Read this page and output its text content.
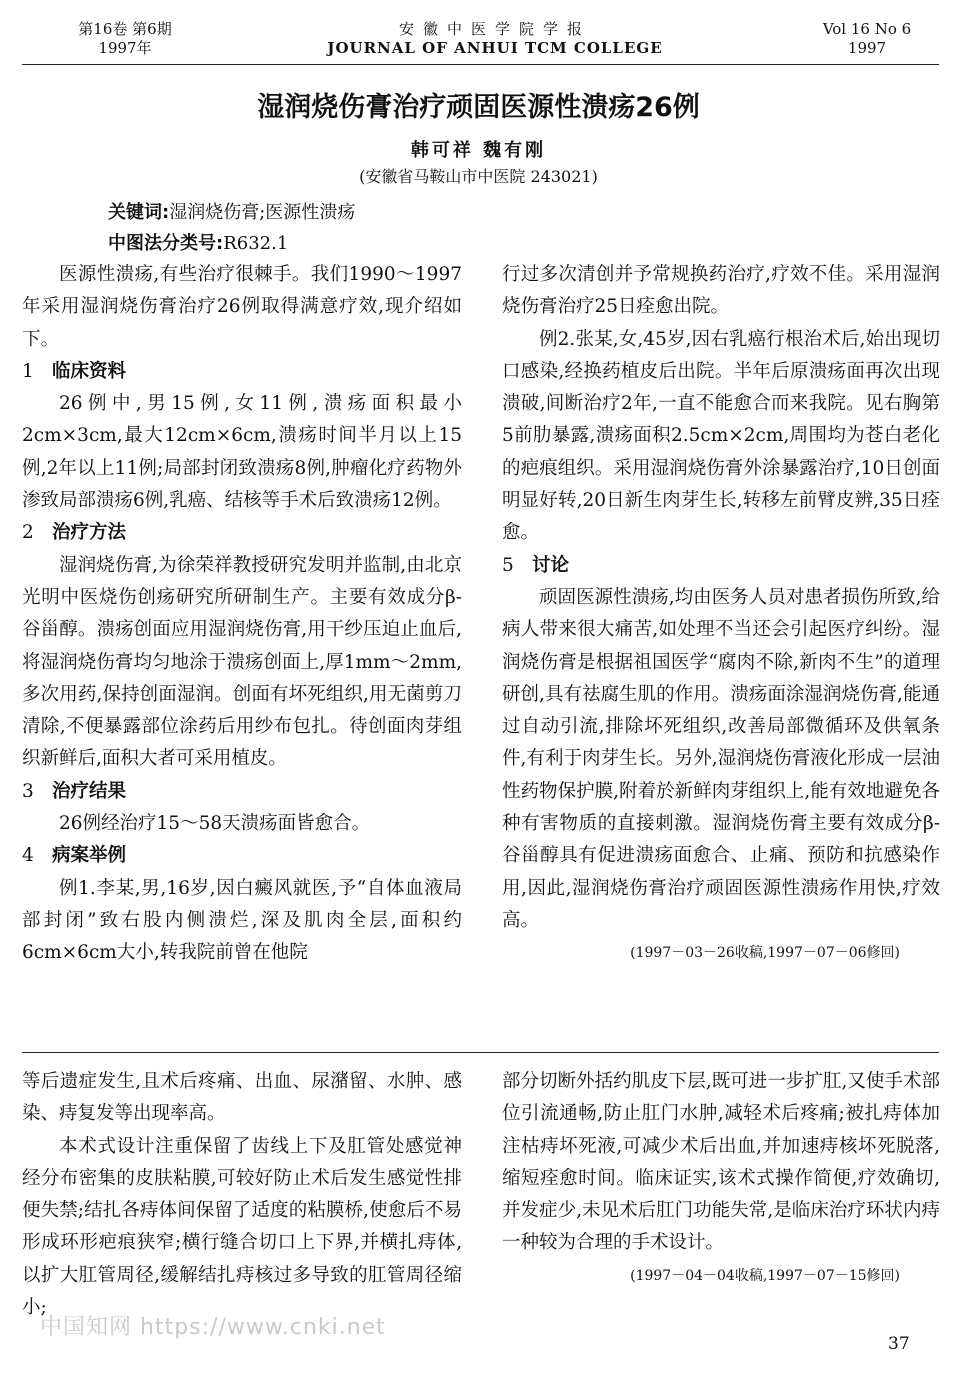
第16卷 第6期
1997年
安徽中医学院学报
JOURNAL OF ANHUI TCM COLLEGE
Vol 16 No 6
1997
湿润烧伤膏治疗顽固医源性溃疡26例
韩可祥 魏有刚
(安徽省马鞍山市中医院 243021)
关键词:湿润烧伤膏;医源性溃疡
中图法分类号:R632.1

医源性溃疡,有些治疗很棘手。我们1990～1997年采用湿润烧伤膏治疗26例取得满意疗效,现介绍如下。

1 临床资料

26例中,男15例,女11例,溃疡面积最小2cm×3cm,最大12cm×6cm,溃疡时间半月以上15例,2年以上11例;局部封闭致溃疡8例,肿瘤化疗药物外渗致局部溃疡6例,乳癌、结核等手术后致溃疡12例。

2 治疗方法

湿润烧伤膏,为徐荣祥教授研究发明并监制,由北京光明中医烧伤创疡研究所研制生产。主要有效成分β-谷甾醇。溃疡创面应用湿润烧伤膏,用干纱压迫止血后,将湿润烧伤膏均匀地涂于溃疡创面上,厚1mm～2mm,多次用药,保持创面湿润。创面有坏死组织,用无菌剪刀清除,不便暴露部位涂药后用纱布包扎。待创面肉芽组织新鲜后,面积大者可采用植皮。

3 治疗结果

26例经治疗15～58天溃疡面皆愈合。

4 病案举例

例1.李某,男,16岁,因白癜风就医,予“自体血液局部封闭”致右股内侧溃烂,深及肌肉全层,面积约6cm×6cm大小,转我院前曾在他院

行过多次清创并予常规换药治疗,疗效不佳。采用湿润烧伤膏治疗25日痊愈出院。

例2.张某,女,45岁,因右乳癌行根治术后,始出现切口感染,经换药植皮后出院。半年后原溃疡面再次出现溃破,间断治疗2年,一直不能愈合而来我院。见右胸第5前肋暴露,溃疡面积2.5cm×2cm,周围均为苍白老化的疤痕组织。采用湿润烧伤膏外涂暴露治疗,10日创面明显好转,20日新生肉芽生长,转移左前臂皮辨,35日痊愈。

5 讨论

顽固医源性溃疡,均由医务人员对患者损伤所致,给病人带来很大痛苦,如处理不当还会引起医疗纠纷。湿润烧伤膏是根据祖国医学“腐肉不除,新肉不生”的道理研创,具有祛腐生肌的作用。溃疡面涂湿润烧伤膏,能通过自动引流,排除坏死组织,改善局部微循环及供氧条件,有利于肉芽生长。另外,湿润烧伤膏液化形成一层油性药物保护膜,附着於新鲜肉芽组织上,能有效地避免各种有害物质的直接刺激。湿润烧伤膏主要有效成分β-谷甾醇具有促进溃疡面愈合、止痛、预防和抗感染作用,因此,湿润烧伤膏治疗顽固医源性溃疡作用快,疗效高。

(1997－03－26收稿,1997－07－06修回)

等后遗症发生,且术后疼痛、出血、尿潴留、水肿、感染、痔复发等出现率高。

本术式设计注重保留了齿线上下及肛管处感觉神经分布密集的皮肤粘膜,可较好防止术后发生感觉性排便失禁;结扎各痔体间保留了适度的粘膜桥,使愈后不易形成环形疤痕狭窄;横行缝合切口上下界,并横扎痔体,以扩大肛管周径,缓解结扎痔核过多导致的肛管周径缩小;

部分切断外括约肌皮下层,既可进一步扩肛,又使手术部位引流通畅,防止肛门水肿,减轻术后疼痛;被扎痔体加注枯痔坏死液,可减少术后出血,并加速痔核坏死脱落,缩短痊愈时间。临床证实,该术式操作简便,疗效确切,并发症少,未见术后肛门功能失常,是临床治疗环状内痔一种较为合理的手术设计。

(1997－04－04收稿,1997－07－15修回)

中国知网 https://www.cnki.net
37
